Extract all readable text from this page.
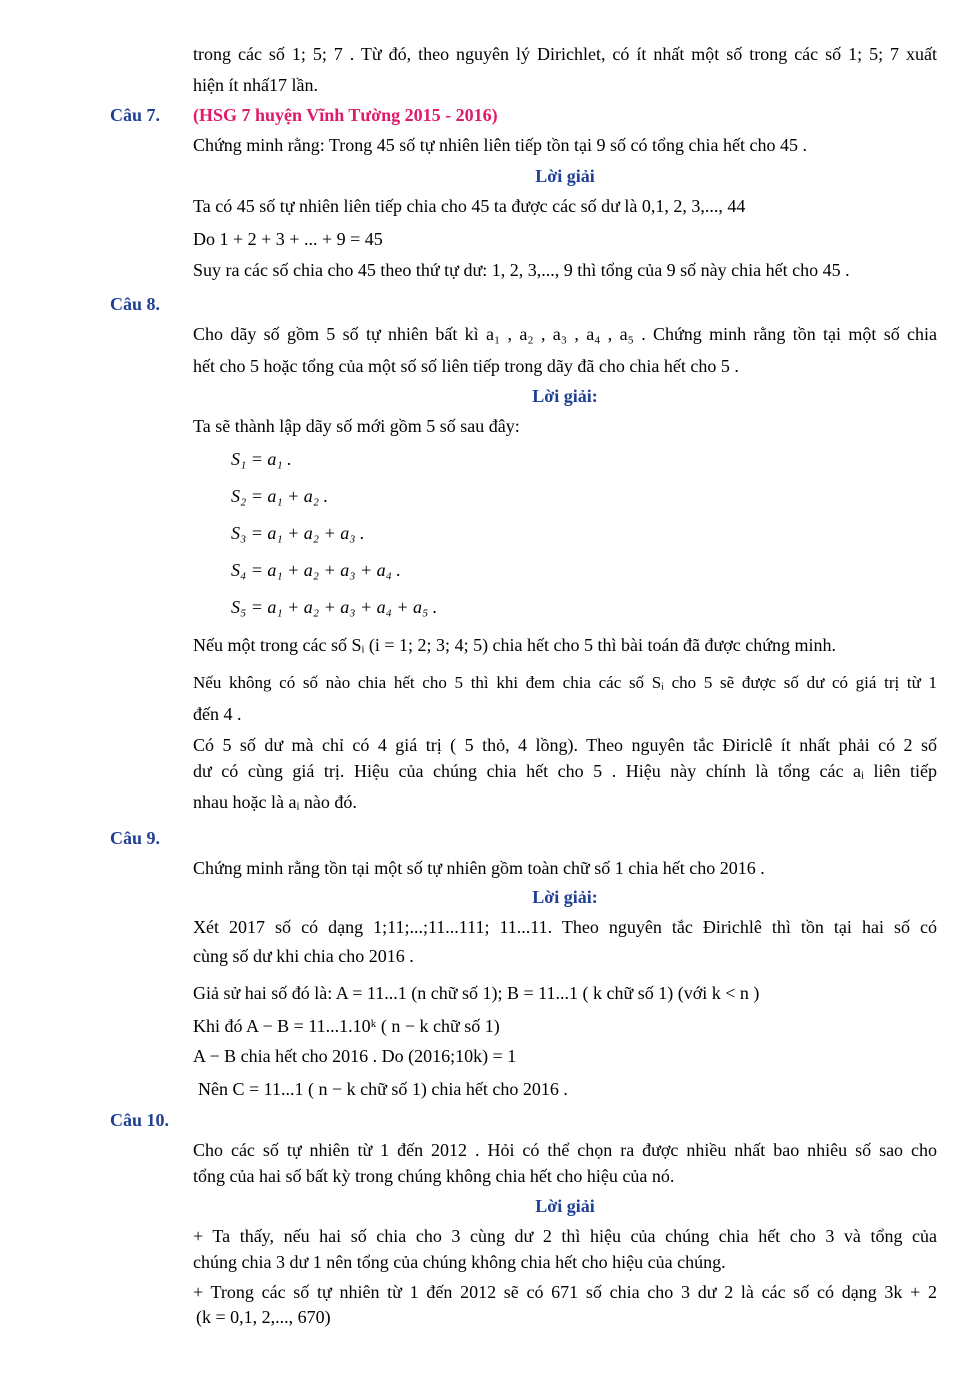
trong các số 1; 5; 7 . Từ đó, theo nguyên lý Dirichlet, có ít nhất một số trong các số 1; 5; 7 xuất
hiện ít nhấ17 lần.
Câu 7. (HSG 7 huyện Vĩnh Tường 2015 - 2016)
Chứng minh rằng: Trong 45 số tự nhiên liên tiếp tồn tại 9 số có tổng chia hết cho 45 .
Lời giải
Ta có 45 số tự nhiên liên tiếp chia cho 45 ta được các số dư là 0,1, 2, 3,..., 44
Do 1 + 2 + 3 + ... + 9 = 45
Suy ra các số chia cho 45 theo thứ tự dư: 1, 2, 3,..., 9 thì tổng của 9 số này chia hết cho 45 .
Câu 8.
Cho dãy số gồm 5 số tự nhiên bất kì a₁ , a₂ , a₃ , a₄ , a₅ . Chứng minh rằng tồn tại một số chia
hết cho 5 hoặc tổng của một số số liên tiếp trong dãy đã cho chia hết cho 5 .
Lời giải:
Ta sẽ thành lập dãy số mới gồm 5 số sau đây:
S₁ = a₁ .
S₂ = a₁ + a₂ .
S₃ = a₁ + a₂ + a₃ .
S₄ = a₁ + a₂ + a₃ + a₄ .
S₅ = a₁ + a₂ + a₃ + a₄ + a₅ .
Nếu một trong các số Sᵢ (i = 1; 2; 3; 4; 5) chia hết cho 5 thì bài toán đã được chứng minh.
Nếu không có số nào chia hết cho 5 thì khi đem chia các số Sᵢ cho 5 sẽ được số dư có giá trị từ 1
đến 4 .
Có 5 số dư mà chỉ có 4 giá trị ( 5 thỏ, 4 lồng). Theo nguyên tắc Điriclê ít nhất phải có 2 số
dư có cùng giá trị. Hiệu của chúng chia hết cho 5 . Hiệu này chính là tổng các aᵢ liên tiếp
nhau hoặc là aᵢ nào đó.
Câu 9.
Chứng minh rằng tồn tại một số tự nhiên gồm toàn chữ số 1 chia hết cho 2016 .
Lời giải:
Xét 2017 số có dạng 1;11;...;11...111; 11...11. Theo nguyên tắc Đirichlê thì tồn tại hai số có
cùng số dư khi chia cho 2016 .
Giả sử hai số đó là: A = 11...1 (n chữ số 1); B = 11...1 ( k chữ số 1) (với k < n )
Khi đó A − B = 11...1.10ᵏ ( n − k chữ số 1)
A − B chia hết cho 2016 . Do (2016;10k) = 1
Nên C = 11...1 ( n − k chữ số 1) chia hết cho 2016 .
Câu 10.
Cho các số tự nhiên từ 1 đến 2012 . Hỏi có thể chọn ra được nhiều nhất bao nhiêu số sao cho
tổng của hai số bất kỳ trong chúng không chia hết cho hiệu của nó.
Lời giải
+ Ta thấy, nếu hai số chia cho 3 cùng dư 2 thì hiệu của chúng chia hết cho 3 và tổng của
chúng chia 3 dư 1 nên tổng của chúng không chia hết cho hiệu của chúng.
+ Trong các số tự nhiên từ 1 đến 2012 sẽ có 671 số chia cho 3 dư 2 là các số có dạng 3k + 2
(k = 0,1, 2,..., 670)
